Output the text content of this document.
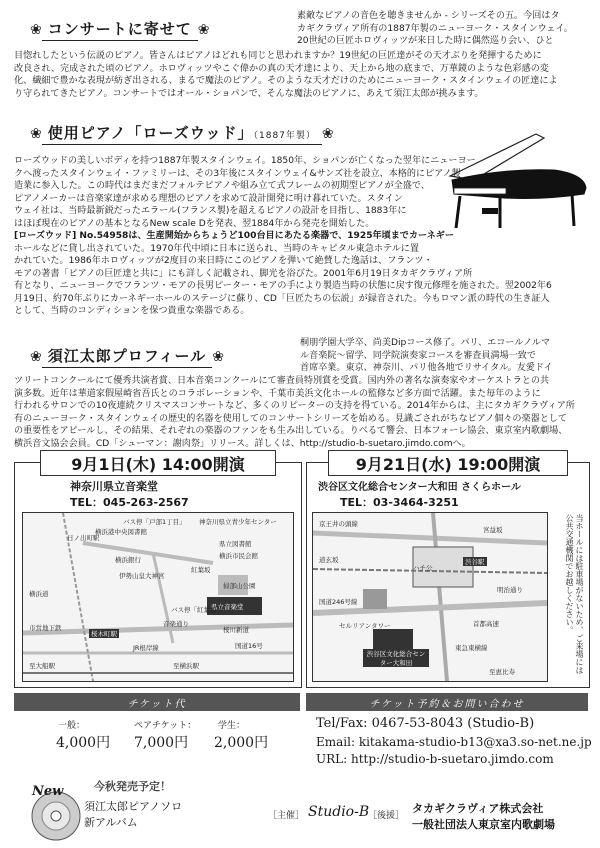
❀ コンサートに寄せて ❀
素敵なピアノの音色を聴きませんか - シリーズその五。今回はタ
カギクラヴィア所有の1887年製のニューヨーク・スタインウェイ。
20世紀の巨匠ホロヴィッツが来日した時に偶然巡り会い、ひと
目惚れしたという伝説のピアノ。皆さんはピアノはどれも同じと思われますか？19世紀の巨匠達がその天才ぶりを発揮するために
改良され、完成された頃のピアノ。ホロヴィッツやこぐ偉かの真の天才達により、天上から地の底まで、万華鏡のような色彩感の変
化、繊細で豊かな表現が紡ぎ出される、まるで魔法のピアノ。そのような天才だけのためにニューヨーク・スタインウェイの匠達によ
り守られてきたピアノ。コンサートではオール・ショパンで、そんな魔法のピアノに、あえて須江太郎が挑みます。
❀ 使用ピアノ「ローズウッド」（1887年製） ❀
ローズウッドの美しいボディを持つ1887年製スタインウェイ。1850年、ショパンが亡くなった翌年にニューヨー
クへ渡ったスタインウェイ・ファミリーは、その3年後にスタインウェイ&サンズ社を設立、本格的にピアノ製
造業に参入した。この時代はまだまだフォルテピアノや組み立て式フレームの初期型ピアノが全盛で、
ピアノメーカーは音楽家達が求める理想のピアノを求めて設計開発に明け暮れていた。スタイン
ウェイ社は、当時最新鋭だったエラール(フランス製)を超えるピアノの設計を目指し、1883年に
はほぼ現在のピアノの基本となるNew scale Dを発表、翌1884年から発売を開始した。
[ローズウッド] No.54958は、生産開始からちょうど100台目にあたる楽器で、1925年頃までカーネギー
ホールなどに貸し出されていた。1970年代中頃に日本に送られ、当時のキャピタル東急ホテルに置
かれていた。1986年ホロヴィッツが2度目の来日時にこのピアノを弾いて絶賛した逸話は、フランツ・
モアの著書「ピアノの巨匠達と共に」にも詳しく記載され、脚光を浴びた。2001年6月19日タカギクラヴィア所
有となり、ニューヨークでフランツ・モアの長男ピーター・モアの手により製造当時の状態に戻す復元修理を施された。翌2002年6
月19日、約70年ぶりにカーネギーホールのステージに蘇り、CD「巨匠たちの伝説」が録音された。今もロマン派の時代の生き証人
として、当時のコンディションを保つ貴重な楽器である。
❀ 須江太郎プロフィール ❀
桐朋学園大学卒、尚美Dipコース修了。パリ、エコールノルマ
ル音楽院～留学、同学院演奏家コースを審査員満場一致で
首席卒業。東京、神奈川、パリ他各地でリサイタル。友愛ドイ
ツリートコンクールにて優秀共演者賞、日本音楽コンクールにて審査員特別賞を受賞。国内外の著名な演奏家やオーケストラとの共
演多数。近年は華道家假屋崎省吾氏とのコラボレーションや、千葉市美浜文化ホールの監修など多方面で活躍。また毎年のように
行われるサロンでの10夜連続クリスマスコンサートなど、多くのリピーターの支持を得ている。2014年からは、主にタカギクラヴィア所
有のニューヨーク・スタインウェイの歴史的名器を使用してのコンサートシリーズを始める。見識ごされがちなピアノ個々の楽器として
の重要性をアピールし、その結果、それぞれの楽器のファンをも生み出している。りべるて響会、日本フォーレ協会、東京室内歌劇場、
横浜音文協会会員。CD「シューマン：謝肉祭」リリース。詳しくは、http://studio-b-suetaro.jimdo.comへ。
9月1日(木) 14:00開演
神奈川県立音楽堂
TEL：045-263-2567
横浜港中央図書館
横浜銀行
神奈川県立青少年センター
県立図書館
横浜市民会館
紅葉坂
伊勢山皇大神宮
掃部山公園
県立音楽堂
国道16号
日ノ出町駅
桜木町駅
JR根岸線
至大船駅	至横浜駅
市営地下鉄
バス停「戸部1丁目」
バス停「紅葉坂」
音楽通り
桜川新道
横浜道
9月21日(水) 19:00開演
渋谷区文化総合センター大和田 さくらホール
TEL：03-3464-3251
京王井の頭線
道玄坂	渋谷駅
国道246号線
セルリアンタワー
渋谷区文化総合センター大和田
ハチ公
明治通り
首都高速
宮益坂
東急東横線
至恵比寿	当ホールには駐車場がないため、ご来場には公共交通機関でお越しください。
チケット代	チケット予約＆お問い合わせ
一般：
4,000円
ペアチケット：
7,000円
学生：
2,000円
Tel/Fax: 0467-53-8043 (Studio-B)
Email: kitakama-studio-b13@xa3.so-net.ne.jp
URL: http://studio-b-suetaro.jimdo.com
New	今秋発売予定！
須江太郎ピアノソロ
新アルバム	［主催］ Studio-B
［後援］
タカギクラヴィア株式会社
一般社団法人東京室内歌劇場
